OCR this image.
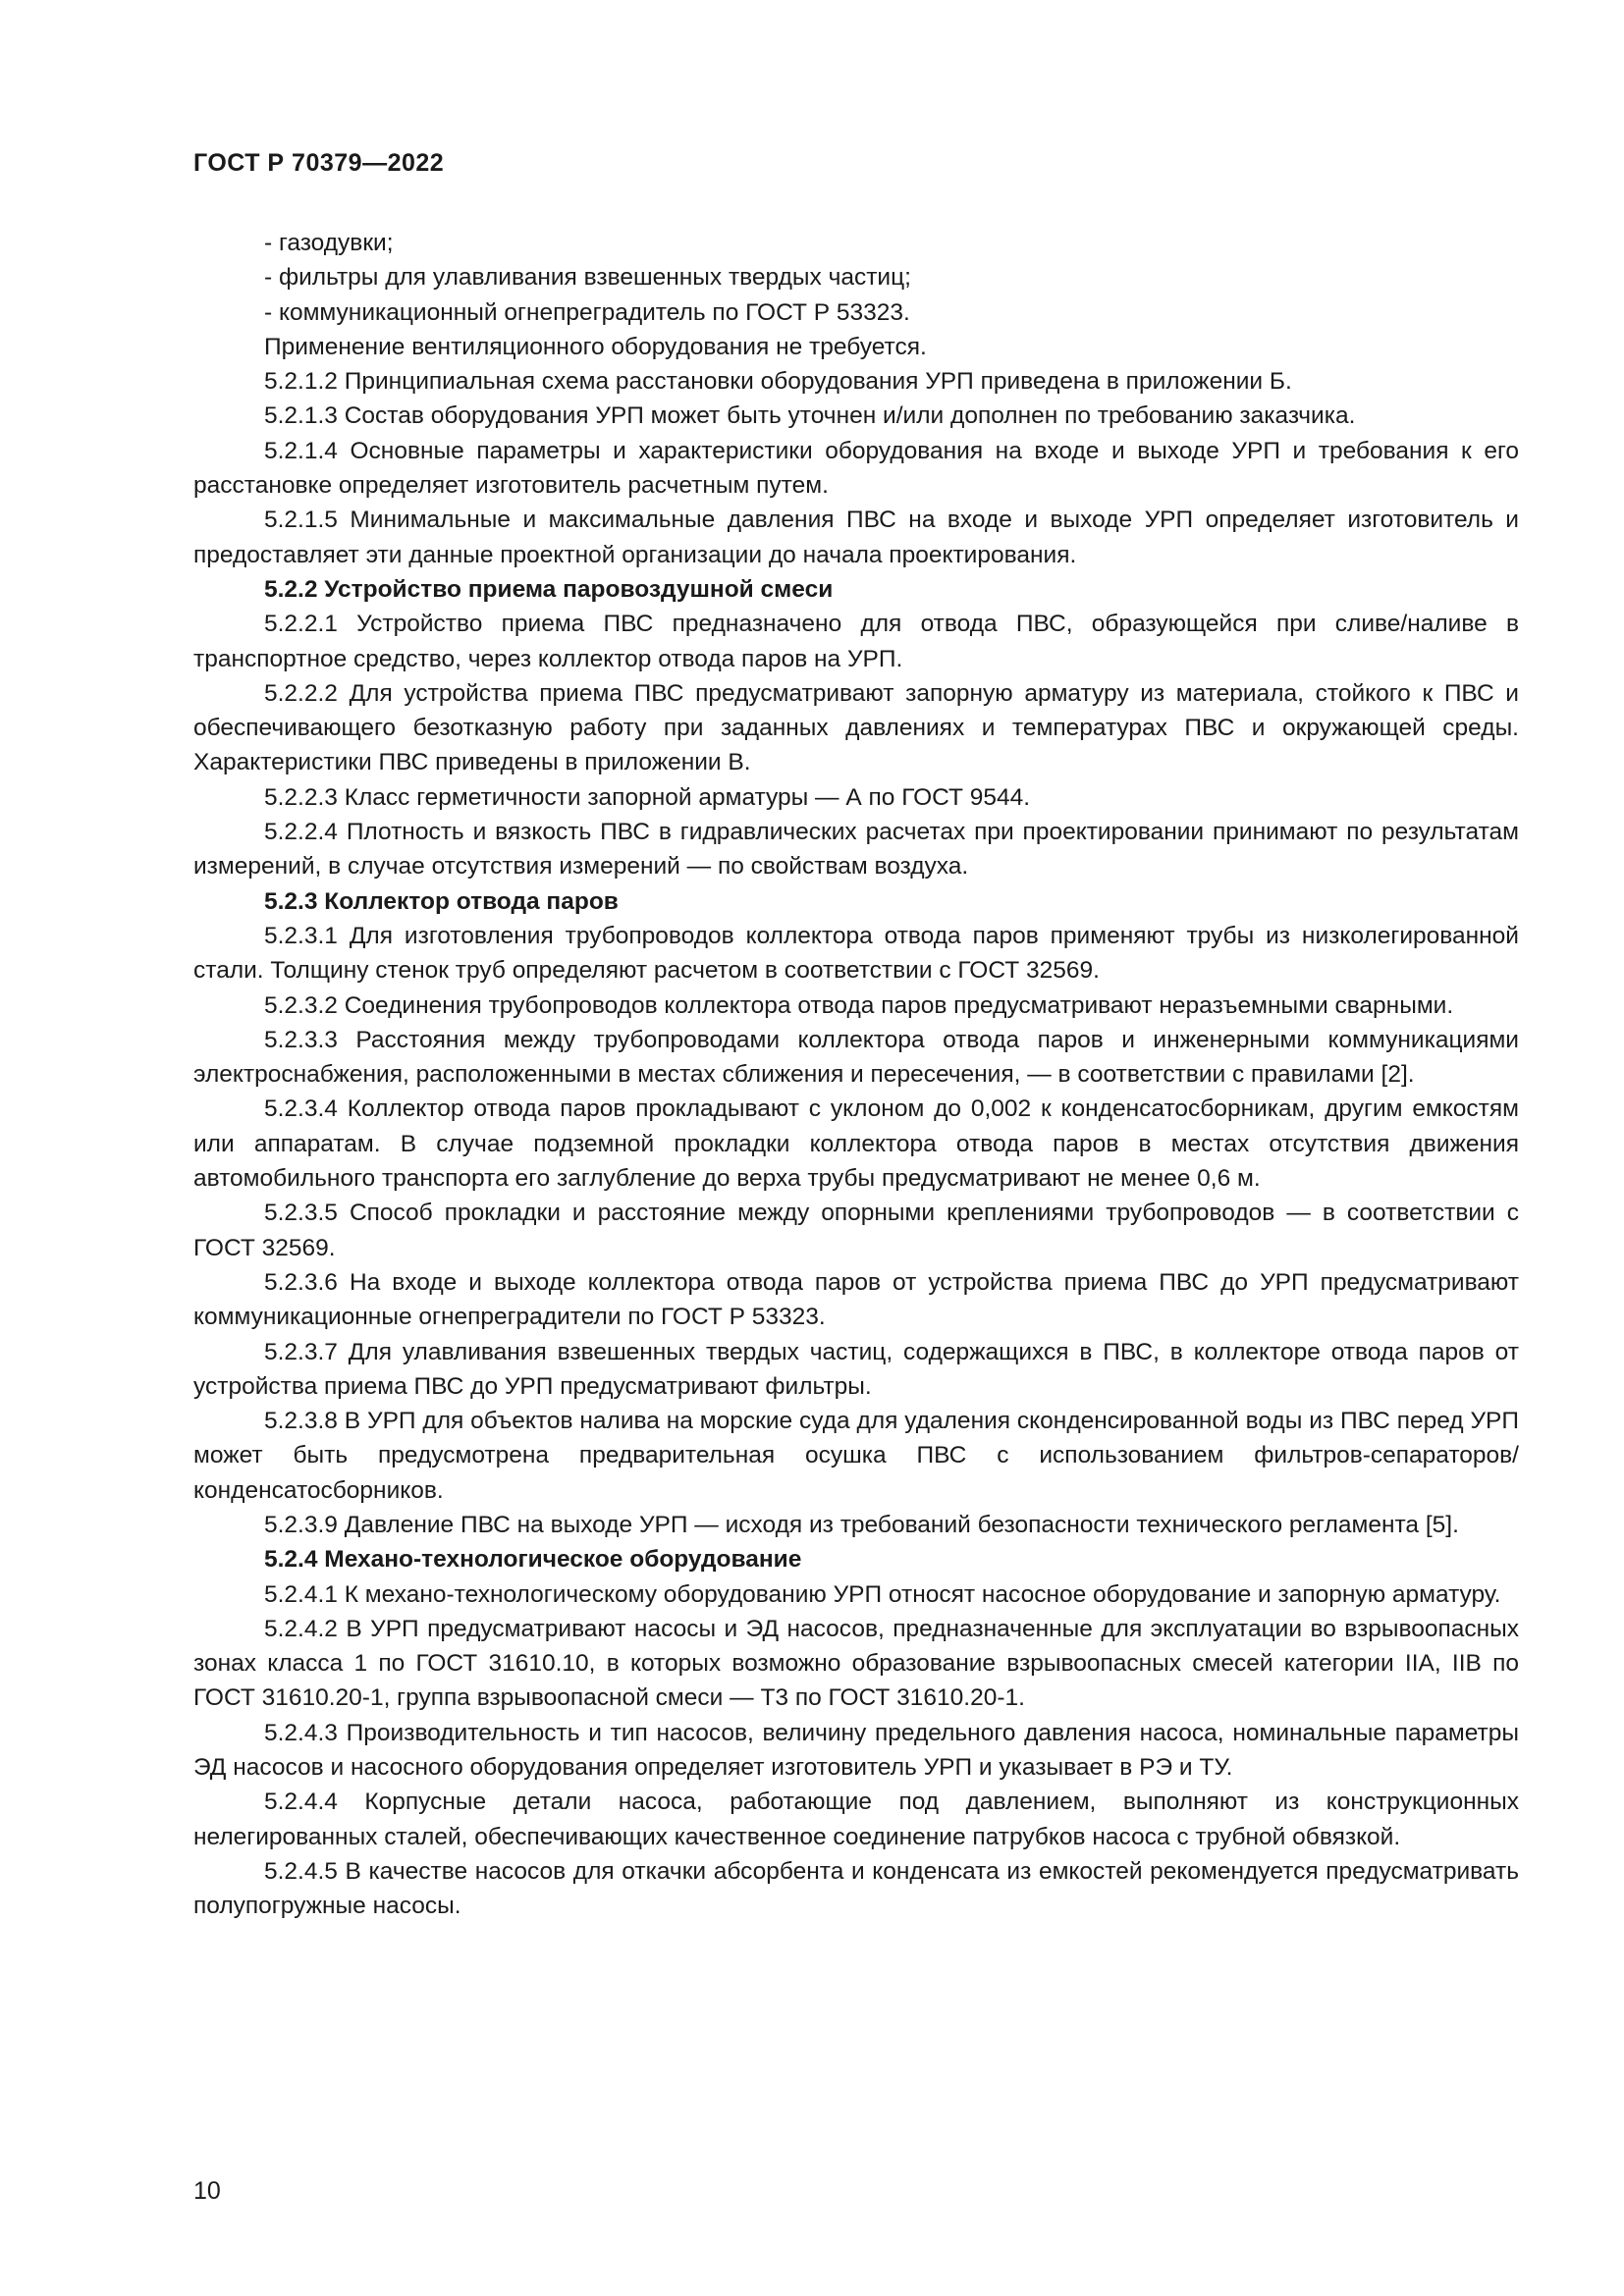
ГОСТ Р 70379—2022

- газодувки;

- фильтры для улавливания взвешенных твердых частиц;

- коммуникационный огнепреградитель по ГОСТ Р 53323.

Применение вентиляционного оборудования не требуется.

5.2.1.2 Принципиальная схема расстановки оборудования УРП приведена в приложении Б.

5.2.1.3 Состав оборудования УРП может быть уточнен и/или дополнен по требованию заказчика.

5.2.1.4 Основные параметры и характеристики оборудования на входе и выходе УРП и требования к его расстановке определяет изготовитель расчетным путем.

5.2.1.5 Минимальные и максимальные давления ПВС на входе и выходе УРП определяет изготовитель и предоставляет эти данные проектной организации до начала проектирования.

5.2.2 Устройство приема паровоздушной смеси

5.2.2.1 Устройство приема ПВС предназначено для отвода ПВС, образующейся при сливе/наливе в транспортное средство, через коллектор отвода паров на УРП.

5.2.2.2 Для устройства приема ПВС предусматривают запорную арматуру из материала, стойкого к ПВС и обеспечивающего безотказную работу при заданных давлениях и температурах ПВС и окружающей среды. Характеристики ПВС приведены в приложении В.

5.2.2.3 Класс герметичности запорной арматуры — А по ГОСТ 9544.

5.2.2.4 Плотность и вязкость ПВС в гидравлических расчетах при проектировании принимают по результатам измерений, в случае отсутствия измерений — по свойствам воздуха.

5.2.3 Коллектор отвода паров

5.2.3.1 Для изготовления трубопроводов коллектора отвода паров применяют трубы из низколегированной стали. Толщину стенок труб определяют расчетом в соответствии с ГОСТ 32569.

5.2.3.2 Соединения трубопроводов коллектора отвода паров предусматривают неразъемными сварными.

5.2.3.3 Расстояния между трубопроводами коллектора отвода паров и инженерными коммуникациями электроснабжения, расположенными в местах сближения и пересечения, — в соответствии с правилами [2].

5.2.3.4 Коллектор отвода паров прокладывают с уклоном до 0,002 к конденсатосборникам, другим емкостям или аппаратам. В случае подземной прокладки коллектора отвода паров в местах отсутствия движения автомобильного транспорта его заглубление до верха трубы предусматривают не менее 0,6 м.

5.2.3.5 Способ прокладки и расстояние между опорными креплениями трубопроводов — в соответствии с ГОСТ 32569.

5.2.3.6 На входе и выходе коллектора отвода паров от устройства приема ПВС до УРП предусматривают коммуникационные огнепреградители по ГОСТ Р 53323.

5.2.3.7 Для улавливания взвешенных твердых частиц, содержащихся в ПВС, в коллекторе отвода паров от устройства приема ПВС до УРП предусматривают фильтры.

5.2.3.8 В УРП для объектов налива на морские суда для удаления сконденсированной воды из ПВС перед УРП может быть предусмотрена предварительная осушка ПВС с использованием фильтров-сепараторов/конденсатосборников.

5.2.3.9 Давление ПВС на выходе УРП — исходя из требований безопасности технического регламента [5].

5.2.4 Механо-технологическое оборудование

5.2.4.1 К механо-технологическому оборудованию УРП относят насосное оборудование и запорную арматуру.

5.2.4.2 В УРП предусматривают насосы и ЭД насосов, предназначенные для эксплуатации во взрывоопасных зонах класса 1 по ГОСТ 31610.10, в которых возможно образование взрывоопасных смесей категории IIA, IIB по ГОСТ 31610.20-1, группа взрывоопасной смеси — Т3 по ГОСТ 31610.20-1.

5.2.4.3 Производительность и тип насосов, величину предельного давления насоса, номинальные параметры ЭД насосов и насосного оборудования определяет изготовитель УРП и указывает в РЭ и ТУ.

5.2.4.4 Корпусные детали насоса, работающие под давлением, выполняют из конструкционных нелегированных сталей, обеспечивающих качественное соединение патрубков насоса с трубной обвязкой.

5.2.4.5 В качестве насосов для откачки абсорбента и конденсата из емкостей рекомендуется предусматривать полупогружные насосы.

10
